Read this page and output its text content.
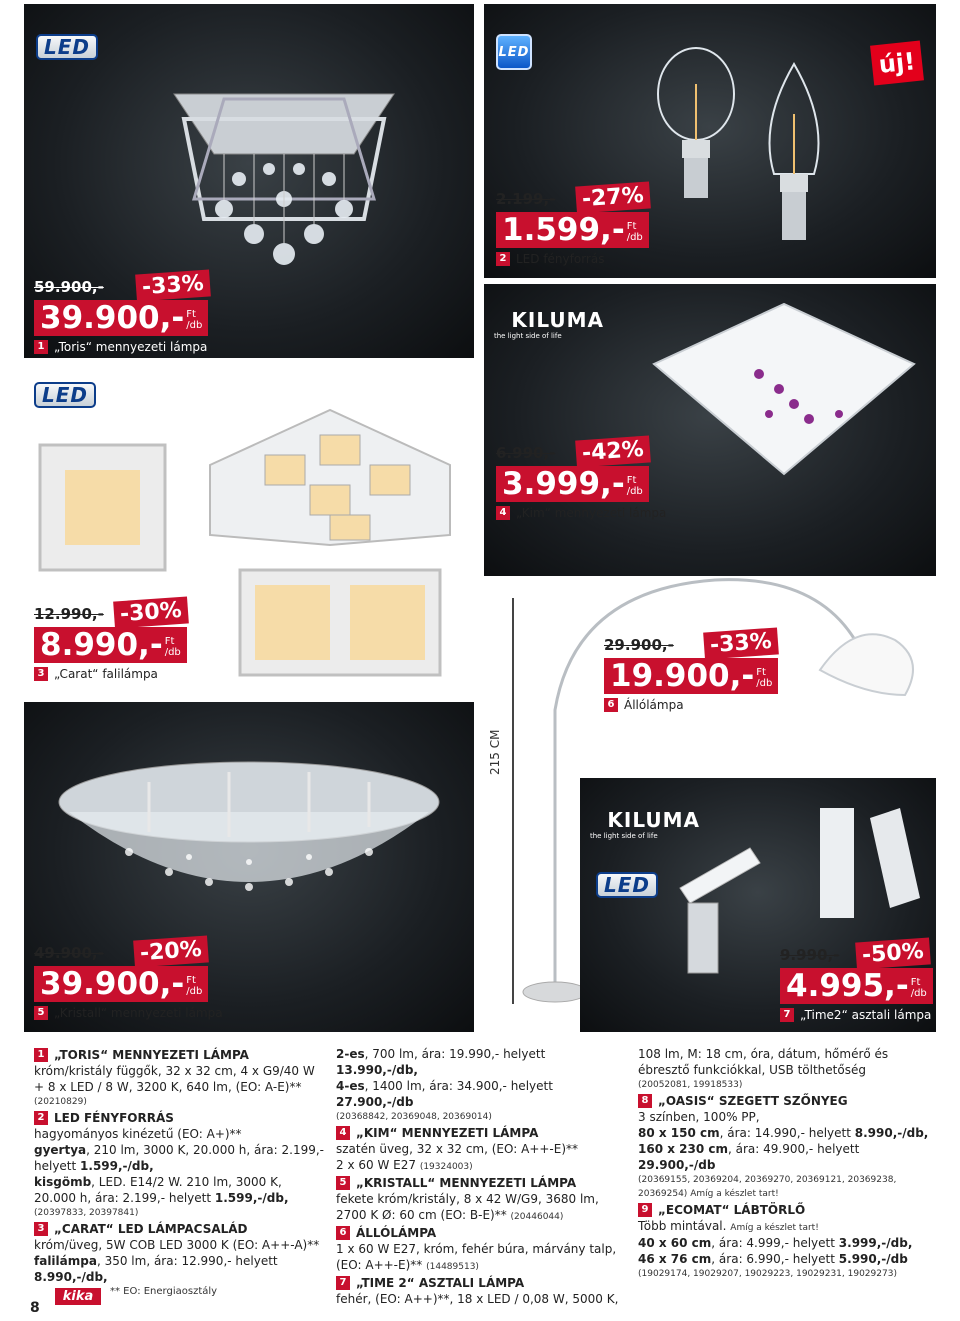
LED
59.900,- -33%
39.900,- Ft
/db
1 „Toris“ mennyezeti lámpa
LED	új!
2.199,- -27%
1.599,- Ft
/db
2 LED fényforrás
KILUMA
the light side of life
6.990,- -42%
3.999,- Ft
/db
4 „Kim“ mennyezeti lámpa
LED
12.990,- -30%
8.990,- Ft
/db
3 „Carat“ falilámpa
215 CM
29.900,- -33%
19.900,- Ft
/db
6 Állólámpa
49.900,- -20%
39.900,- Ft
/db
5 „Kristall“ mennyezeti lámpa
KILUMA
the light side of life
LED
9.990,- -50%
4.995,- Ft
/db
7 „Time2“ asztali lámpa

1 „TORIS“ MENNYEZETI LÁMPA

króm/kristály függők, 32 x 32 cm, 4 x G9/40 W + 8 x LED / 8 W, 3200 K, 640 lm, (EO: A-E)**

(20210829)

2 LED FÉNYFORRÁS

hagyományos kinézetű (EO: A+)**

gyertya, 210 lm, 3000 K, 20.000 h, ára: 2.199,- helyett 1.599,-/db,

kisgömb, LED. E14/2 W. 210 lm, 3000 K, 20.000 h, ára: 2.199,- helyett 1.599,-/db,

(20397833, 20397841)

3 „CARAT“ LED LÁMPACSALÁD

króm/üveg, 5W COB LED 3000 K (EO: A++-A)**

falilámpa, 350 lm, ára: 12.990,- helyett 8.990,-/db,

2-es, 700 lm, ára: 19.990,- helyett 13.990,-/db,

4-es, 1400 lm, ára: 34.900,- helyett 27.900,-/db

(20368842, 20369048, 20369014)

4 „KIM“ MENNYEZETI LÁMPA

szatén üveg, 32 x 32 cm, (EO: A++-E)**

2 x 60 W E27 (19324003)

5 „KRISTALL“ MENNYEZETI LÁMPA

fekete króm/kristály, 8 x 42 W/G9, 3680 lm, 2700 K Ø: 60 cm (EO: B-E)** (20446044)

6 ÁLLÓLÁMPA

1 x 60 W E27, króm, fehér búra, márvány talp, (EO: A++-E)** (14489513)

7 „TIME 2“ ASZTALI LÁMPA

fehér, (EO: A++)**, 18 x LED / 0,08 W, 5000 K,

108 lm, M: 18 cm, óra, dátum, hőmérő és ébresztő funkciókkal, USB tölthetőség

(20052081, 19918533)

8 „OASIS“ SZEGETT SZŐNYEG

3 színben, 100% PP,

80 x 150 cm, ára: 14.990,- helyett 8.990,-/db,

160 x 230 cm, ára: 49.900,- helyett 29.900,-/db

(20369155, 20369204, 20369270, 20369121, 20369238, 20369254) Amíg a készlet tart!

9 „ECOMAT“ LÁBTÖRLŐ

Több mintával. Amíg a készlet tart!

40 x 60 cm, ára: 4.999,- helyett 3.999,-/db,

46 x 76 cm, ára: 6.990,- helyett 5.990,-/db

(19029174, 19029207, 19029223, 19029231, 19029273)

8
kika	** EO: Energiaosztály
